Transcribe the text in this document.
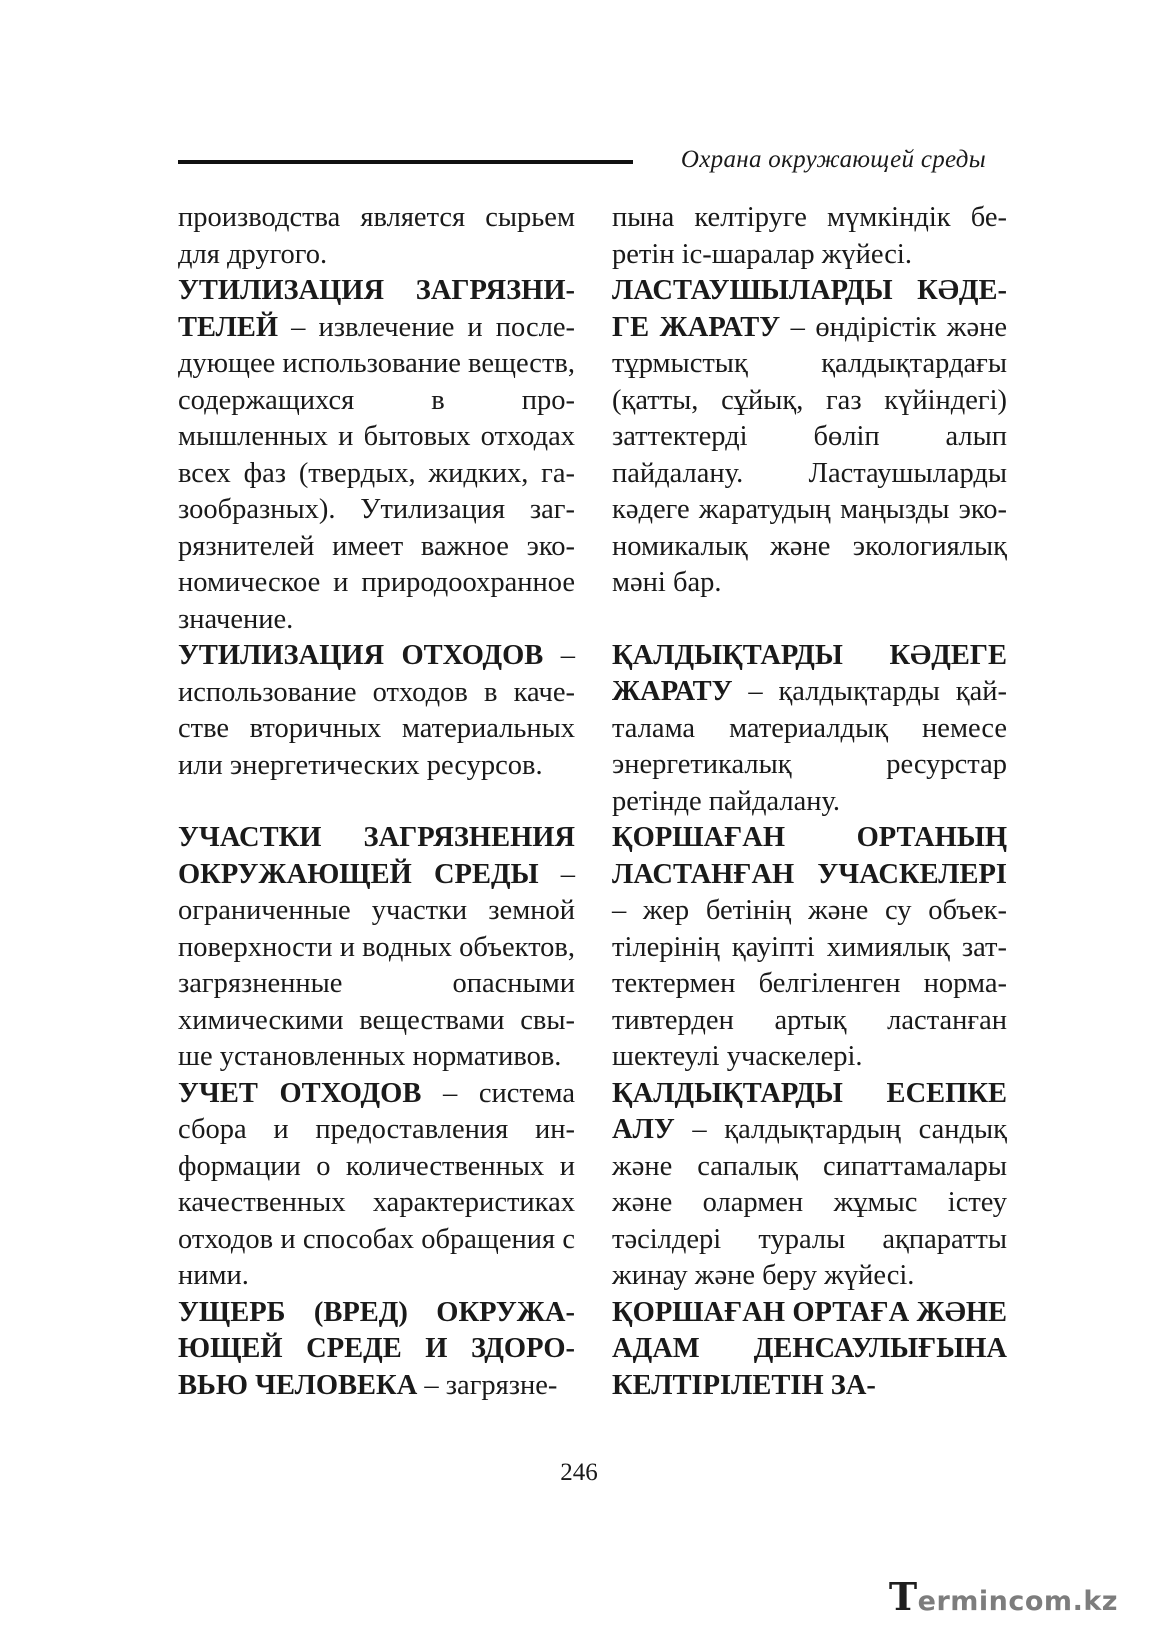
Охрана окружающей среды

производства является сырьем для другого.

УТИЛИЗАЦИЯ ЗАГРЯЗНИТЕЛЕЙ – извлечение и последующее использование веществ, содержащихся в промышленных и бытовых отходах всех фаз (твердых, жидких, газообразных). Утилизация загрязнителей имеет важное экономическое и природоохранное значение.

УТИЛИЗАЦИЯ ОТХОДОВ – использование отходов в качестве вторичных материальных или энергетических ресурсов.

УЧАСТКИ ЗАГРЯЗНЕНИЯ ОКРУЖАЮЩЕЙ СРЕДЫ – ограниченные участки земной поверхности и водных объектов, загрязненные опасными химическими веществами свыше установленных нормативов.

УЧЕТ ОТХОДОВ – система сбора и предоставления информации о количественных и качественных характеристиках отходов и способах обращения с ними.

УЩЕРБ (ВРЕД) ОКРУЖАЮЩЕЙ СРЕДЕ И ЗДОРОВЬЮ ЧЕЛОВЕКА – загрязне-

пына келтіруге мүмкіндік беретін іс-шаралар жүйесі.

ЛАСТАУШЫЛАРДЫ КӘДЕГЕ ЖАРАТУ – өндірістік және тұрмыстық қалдықтардағы (қатты, сұйық, газ күйіндегі) заттектерді бөліп алып пайдалану. Ластаушыларды кәдеге жаратудың маңызды экономикалық және экологиялық мәні бар.

ҚАЛДЫҚТАРДЫ КӘДЕГЕ ЖАРАТУ – қалдықтарды қайталама материалдық немесе энергетикалық ресурстар ретінде пайдалану.

ҚОРШАҒАН ОРТАНЫҢ ЛАСТАНҒАН УЧАСКЕЛЕРІ – жер бетінің және су объектілерінің қауіпті химиялық заттектермен белгіленген нормативтерден артық ластанған шектеулі учаскелері.

ҚАЛДЫҚТАРДЫ ЕСЕПКЕ АЛУ – қалдықтардың сандық және сапалық сипаттамалары және олармен жұмыс істеу тәсілдері туралы ақпаратты жинау және беру жүйесі.

ҚОРШАҒАН ОРТАҒА ЖӘНЕ АДАМ ДЕНСАУЛЫҒЫНА КЕЛТІРІЛЕТІН ЗА-

246
T ermincom.kz
